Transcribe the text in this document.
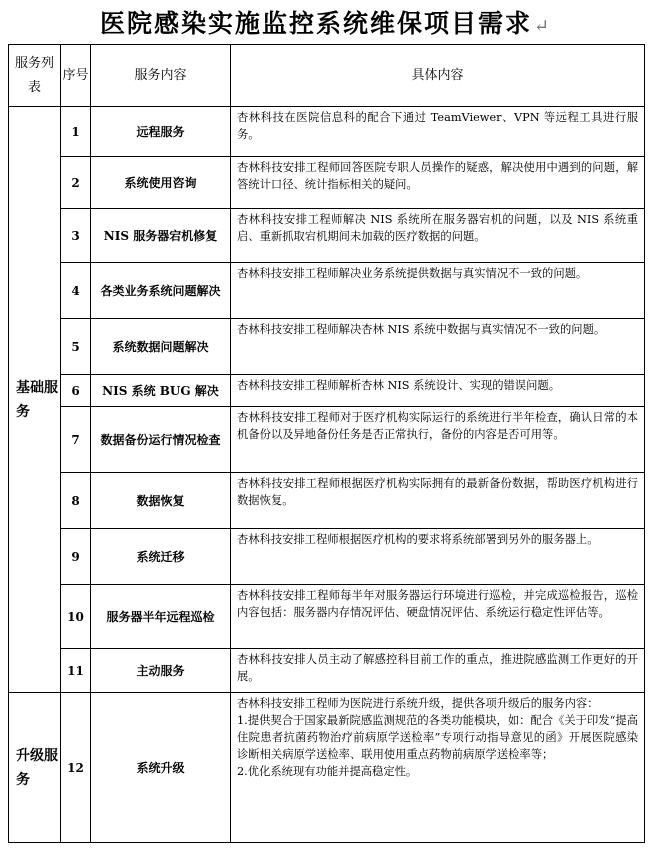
医院感染实施监控系统维保项目需求 ↵
服务列表	序号	服务内容	具体内容
基础服务	1	远程服务	杏林科技在医院信息科的配合下通过 TeamViewer、VPN 等远程工具进行服务。
	2	系统使用咨询	杏林科技安排工程师回答医院专职人员操作的疑惑，解决使用中遇到的问题，解答统计口径、统计指标相关的疑问。
	3	NIS 服务器宕机修复	杏林科技安排工程师解决 NIS 系统所在服务器宕机的问题，以及 NIS 系统重启、重新抓取宕机期间未加载的医疗数据的问题。
	4	各类业务系统问题解决	杏林科技安排工程师解决业务系统提供数据与真实情况不一致的问题。
	5	系统数据问题解决	杏林科技安排工程师解决杏林 NIS 系统中数据与真实情况不一致的问题。
	6	NIS 系统 BUG 解决	杏林科技安排工程师解析杏林 NIS 系统设计、实现的错误问题。
	7	数据备份运行情况检查	杏林科技安排工程师对于医疗机构实际运行的系统进行半年检查，确认日常的本机备份以及异地备份任务是否正常执行，备份的内容是否可用等。
	8	数据恢复	杏林科技安排工程师根据医疗机构实际拥有的最新备份数据，帮助医疗机构进行数据恢复。
	9	系统迁移	杏林科技安排工程师根据医疗机构的要求将系统部署到另外的服务器上。
	10	服务器半年远程巡检	杏林科技安排工程师每半年对服务器运行环境进行巡检，并完成巡检报告，巡检内容包括：服务器内存情况评估、硬盘情况评估、系统运行稳定性评估等。
	11	主动服务	杏林科技安排人员主动了解感控科目前工作的重点，推进院感监测工作更好的开展。
升级服务	12	系统升级	杏林科技安排工程师为医院进行系统升级，提供各项升级后的服务内容：
1.提供契合于国家最新院感监测规范的各类功能模块，如：配合《关于印发“提高住院患者抗菌药物治疗前病原学送检率”专项行动指导意见的函》开展医院感染诊断相关病原学送检率、联用使用重点药物前病原学送检率等；
2.优化系统现有功能并提高稳定性。
